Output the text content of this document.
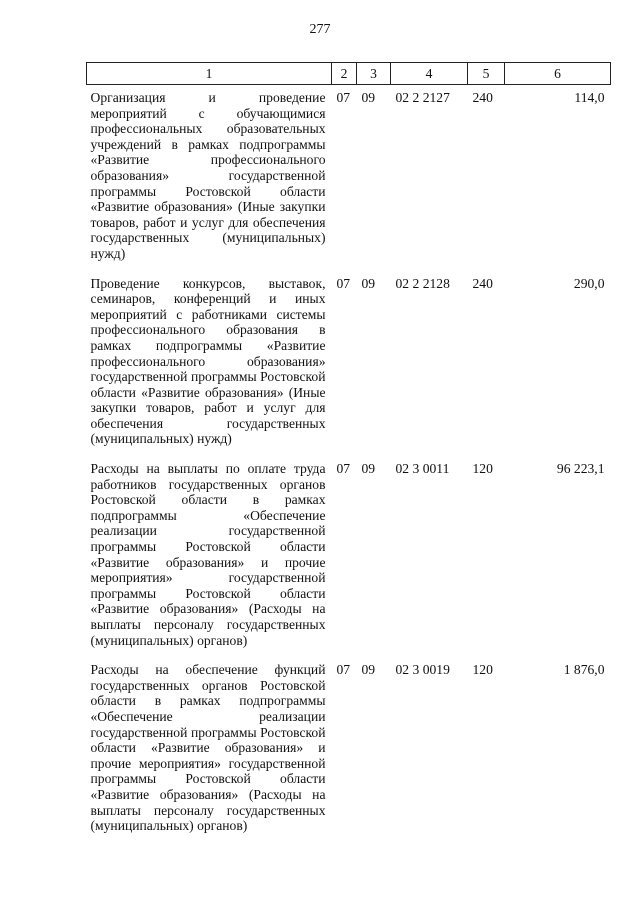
277
1	2	3	4	5	6
Организация и проведение мероприятий с обучающимися профессиональных образовательных учреждений в рамках подпрограммы «Развитие профессионального образования» государственной программы Ростовской области «Развитие образования» (Иные закупки товаров, работ и услуг для обеспечения государственных (муниципальных) нужд)	07	09	02 2 2127	240	114,0
Проведение конкурсов, выставок, семинаров, конференций и иных мероприятий с работниками системы профессионального образования в рамках подпрограммы «Развитие профессионального образования» государственной программы Ростовской области «Развитие образования» (Иные закупки товаров, работ и услуг для обеспечения государственных (муниципальных) нужд)	07	09	02 2 2128	240	290,0
Расходы на выплаты по оплате труда работников государственных органов Ростовской области в рамках подпрограммы «Обеспечение реализации государственной программы Ростовской области «Развитие образования» и прочие мероприятия» государственной программы Ростовской области «Развитие образования» (Расходы на выплаты персоналу государственных (муниципальных) органов)	07	09	02 3 0011	120	96 223,1
Расходы на обеспечение функций государственных органов Ростовской области в рамках подпрограммы «Обеспечение реализации государственной программы Ростовской области «Развитие образования» и прочие мероприятия» государственной программы Ростовской области «Развитие образования» (Расходы на выплаты персоналу государственных (муниципальных) органов)	07	09	02 3 0019	120	1 876,0
